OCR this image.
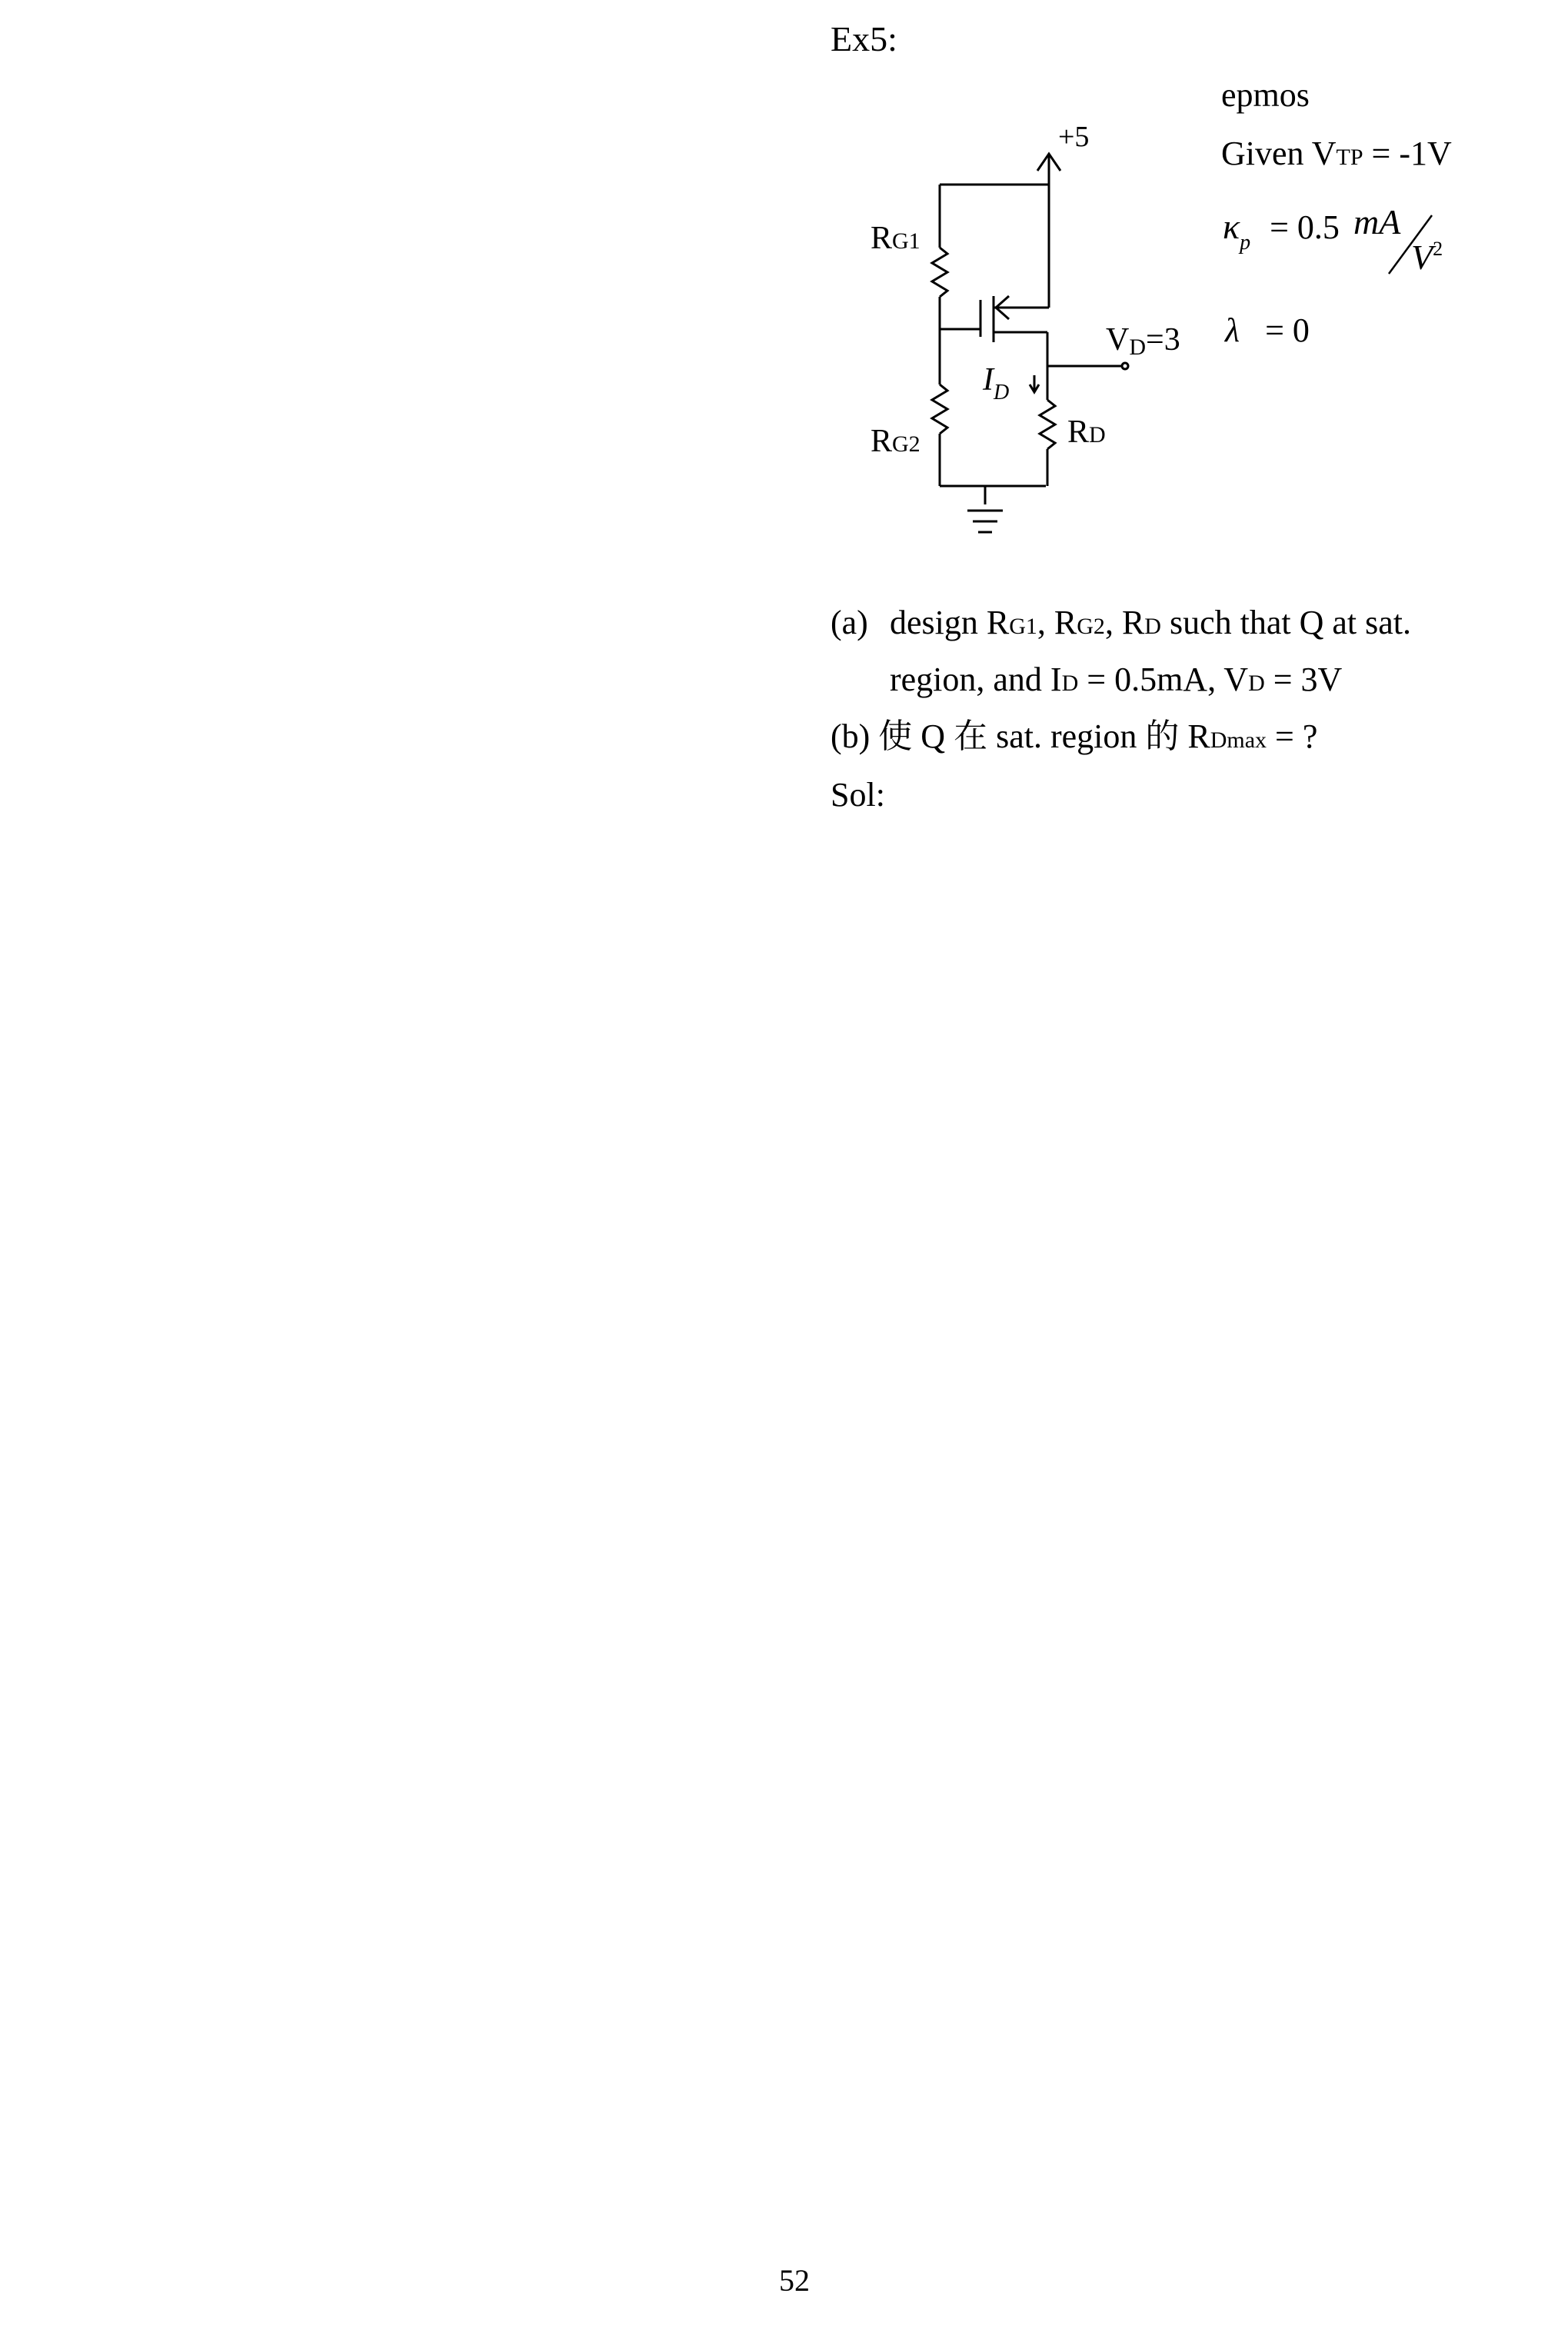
Ex5:
epmos
Given VTP = -1V
$\kappa_p = 0.5$ mA
$V^2$
λ = 0
+5
RG1
RG2	RD
$I_D$
VD=3
(a) design RG1, RG2, RD such that Q at sat.
region, and ID = 0.5mA, VD = 3V
(b) 使 Q 在 sat. region 的 RDmax = ?
Sol:
52
